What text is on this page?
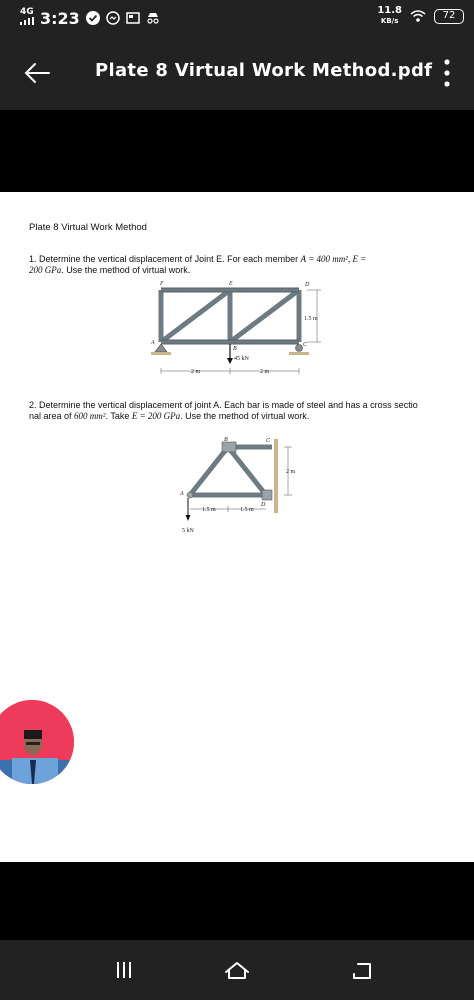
4G 3:23	11.8
KB/s
72
Plate 8 Virtual Work Method.pdf
Plate 8 Virtual Work Method
1. Determine the vertical displacement of Joint E. For each member A = 400 mm², E =
200 GPa. Use the method of virtual work.
F	E	D
A
B
C
1.5 m
45 kN
2 m	2 m
2. Determine the vertical displacement of joint A. Each bar is made of steel and has a cross sectio
nal area of 600 mm². Take E = 200 GPa. Use the method of virtual work.
B	C
A
D
2 m
1.5 m	1.5 m
5 kN
